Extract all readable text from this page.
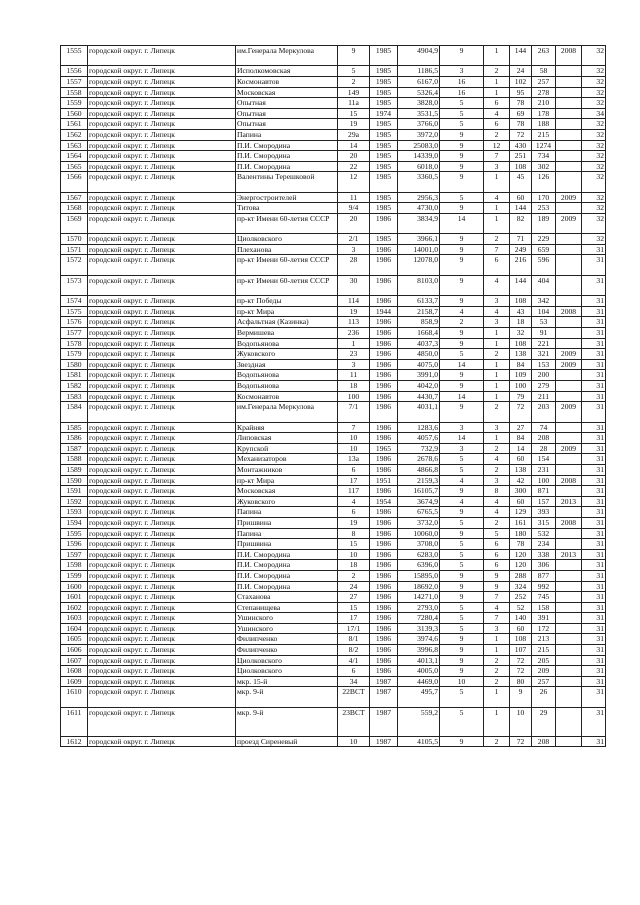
1555	городской округ. г. Липецк	им.Генерала Меркулова	9	1985	4904,9	9	1	144	263	2008	32
1556	городской округ. г. Липецк	Исполкомовская	5	1985	1186,5	3	2	24	58		32
1557	городской округ. г. Липецк	Космонавтов	2	1985	6167,0	16	1	102	257		32
1558	городской округ. г. Липецк	Московская	149	1985	5326,4	16	1	95	278		32
1559	городской округ. г. Липецк	Опытная	11а	1985	3828,0	5	6	78	210		32
1560	городской округ. г. Липецк	Опытная	15	1974	3531,5	5	4	69	178		34
1561	городской округ. г. Липецк	Опытная	19	1985	3766,0	5	6	78	188		32
1562	городской округ. г. Липецк	Папина	29а	1985	3972,0	9	2	72	215		32
1563	городской округ. г. Липецк	П.И. Смородина	14	1985	25083,0	9	12	430	1274		32
1564	городской округ. г. Липецк	П.И. Смородина	20	1985	14339,0	9	7	251	734		32
1565	городской округ. г. Липецк	П.И. Смородина	22	1985	6018,0	9	3	108	302		32
1566	городской округ. г. Липецк	Валентины Терешковой	12	1985	3360,5	9	1	45	126		32
1567	городской округ. г. Липецк	Энергостроителей	11	1985	2956,3	5	4	60	170	2009	32
1568	городской округ. г. Липецк	Титова	9/4	1985	4730,0	9	1	144	253		32
1569	городской округ. г. Липецк	пр-кт Имени 60-летия СССР	20	1986	3834,9	14	1	82	189	2009	32
1570	городской округ. г. Липецк	Циолковского	2/1	1985	3966,1	9	2	71	229		32
1571	городской округ. г. Липецк	Плеханова	3	1986	14001,0	9	7	249	659		31
1572	городской округ. г. Липецк	пр-кт Имени 60-летия СССР	28	1986	12078,0	9	6	216	596		31
1573	городской округ. г. Липецк	пр-кт Имени 60-летия СССР	30	1986	8103,0	9	4	144	404		31
1574	городской округ. г. Липецк	пр-кт Победы	114	1986	6133,7	9	3	108	342		31
1575	городской округ. г. Липецк	пр-кт Мира	19	1944	2158,7	4	4	43	104	2008	31
1576	городской округ. г. Липецк	Асфальтная (Казинка)	113	1986	858,9	2	3	18	53		31
1577	городской округ. г. Липецк	Вермишева	236	1986	1668,4	9	1	32	91		31
1578	городской округ. г. Липецк	Водопьянова	1	1986	4037,3	9	1	108	221		31
1579	городской округ. г. Липецк	Жуковского	23	1986	4850,0	5	2	138	321	2009	31
1580	городской округ. г. Липецк	Звездная	3	1986	4075,0	14	1	84	153	2009	31
1581	городской округ. г. Липецк	Водопьянова	11	1986	3991,0	9	1	109	200		31
1582	городской округ. г. Липецк	Водопьянова	18	1986	4042,0	9	1	100	279		31
1583	городской округ. г. Липецк	Космонавтов	100	1986	4430,7	14	1	79	211		31
1584	городской округ. г. Липецк	им.Генерала Меркулова	7/1	1986	4031,1	9	2	72	203	2009	31
1585	городской округ. г. Липецк	Крайняя	7	1986	1283,6	3	3	27	74		31
1586	городской округ. г. Липецк	Липовская	10	1986	4057,6	14	1	84	208		31
1587	городской округ. г. Липецк	Крупской	10	1965	732,9	3	2	14	28	2009	31
1588	городской округ. г. Липецк	Механизаторов	13а	1986	2678,6	5	4	60	154		31
1589	городской округ. г. Липецк	Монтажников	6	1986	4866,8	5	2	138	231		31
1590	городской округ. г. Липецк	пр-кт Мира	17	1951	2159,3	4	3	42	100	2008	31
1591	городской округ. г. Липецк	Московская	117	1986	16105,7	9	8	300	871		31
1592	городской округ. г. Липецк	Жуковского	4	1954	3674,9	4	4	60	157	2013	31
1593	городской округ. г. Липецк	Папина	6	1986	6765,5	9	4	129	393		31
1594	городской округ. г. Липецк	Пришвина	19	1986	3732,0	5	2	161	315	2008	31
1595	городской округ. г. Липецк	Папина	8	1986	10060,0	9	5	180	532		31
1596	городской округ. г. Липецк	Пришвина	15	1986	3708,0	5	6	78	234		31
1597	городской округ. г. Липецк	П.И. Смородина	10	1986	6283,0	5	6	120	338	2013	31
1598	городской округ. г. Липецк	П.И. Смородина	18	1986	6396,0	5	6	120	306		31
1599	городской округ. г. Липецк	П.И. Смородина	2	1986	15895,0	9	9	288	877		31
1600	городской округ. г. Липецк	П.И. Смородина	24	1986	18692,0	9	9	324	992		31
1601	городской округ. г. Липецк	Стаханова	27	1986	14271,0	9	7	252	745		31
1602	городской округ. г. Липецк	Степанищева	15	1986	2793,0	5	4	52	158		31
1603	городской округ. г. Липецк	Ушинского	17	1986	7280,4	5	7	140	391		31
1604	городской округ. г. Липецк	Ушинского	17/1	1986	3139,3	5	3	60	172		31
1605	городской округ. г. Липецк	Филипченко	8/1	1986	3974,6	9	1	108	213		31
1606	городской округ. г. Липецк	Филипченко	8/2	1986	3996,8	9	1	107	215		31
1607	городской округ. г. Липецк	Циолковского	4/1	1986	4013,1	9	2	72	205		31
1608	городской округ. г. Липецк	Циолковского	6	1986	4005,0	9	2	72	209		31
1609	городской округ. г. Липецк	мкр. 15-й	34	1987	4469,0	10	2	80	257		31
1610	городской округ. г. Липецк	мкр. 9-й	22ВСТ	1987	495,7	5	1	9	26		31
1611	городской округ. г. Липецк	мкр. 9-й	23ВСТ	1987	559,2	5	1	10	29		31
1612	городской округ. г. Липецк	проезд Сиреневый	10	1987	4105,5	9	2	72	208		31
